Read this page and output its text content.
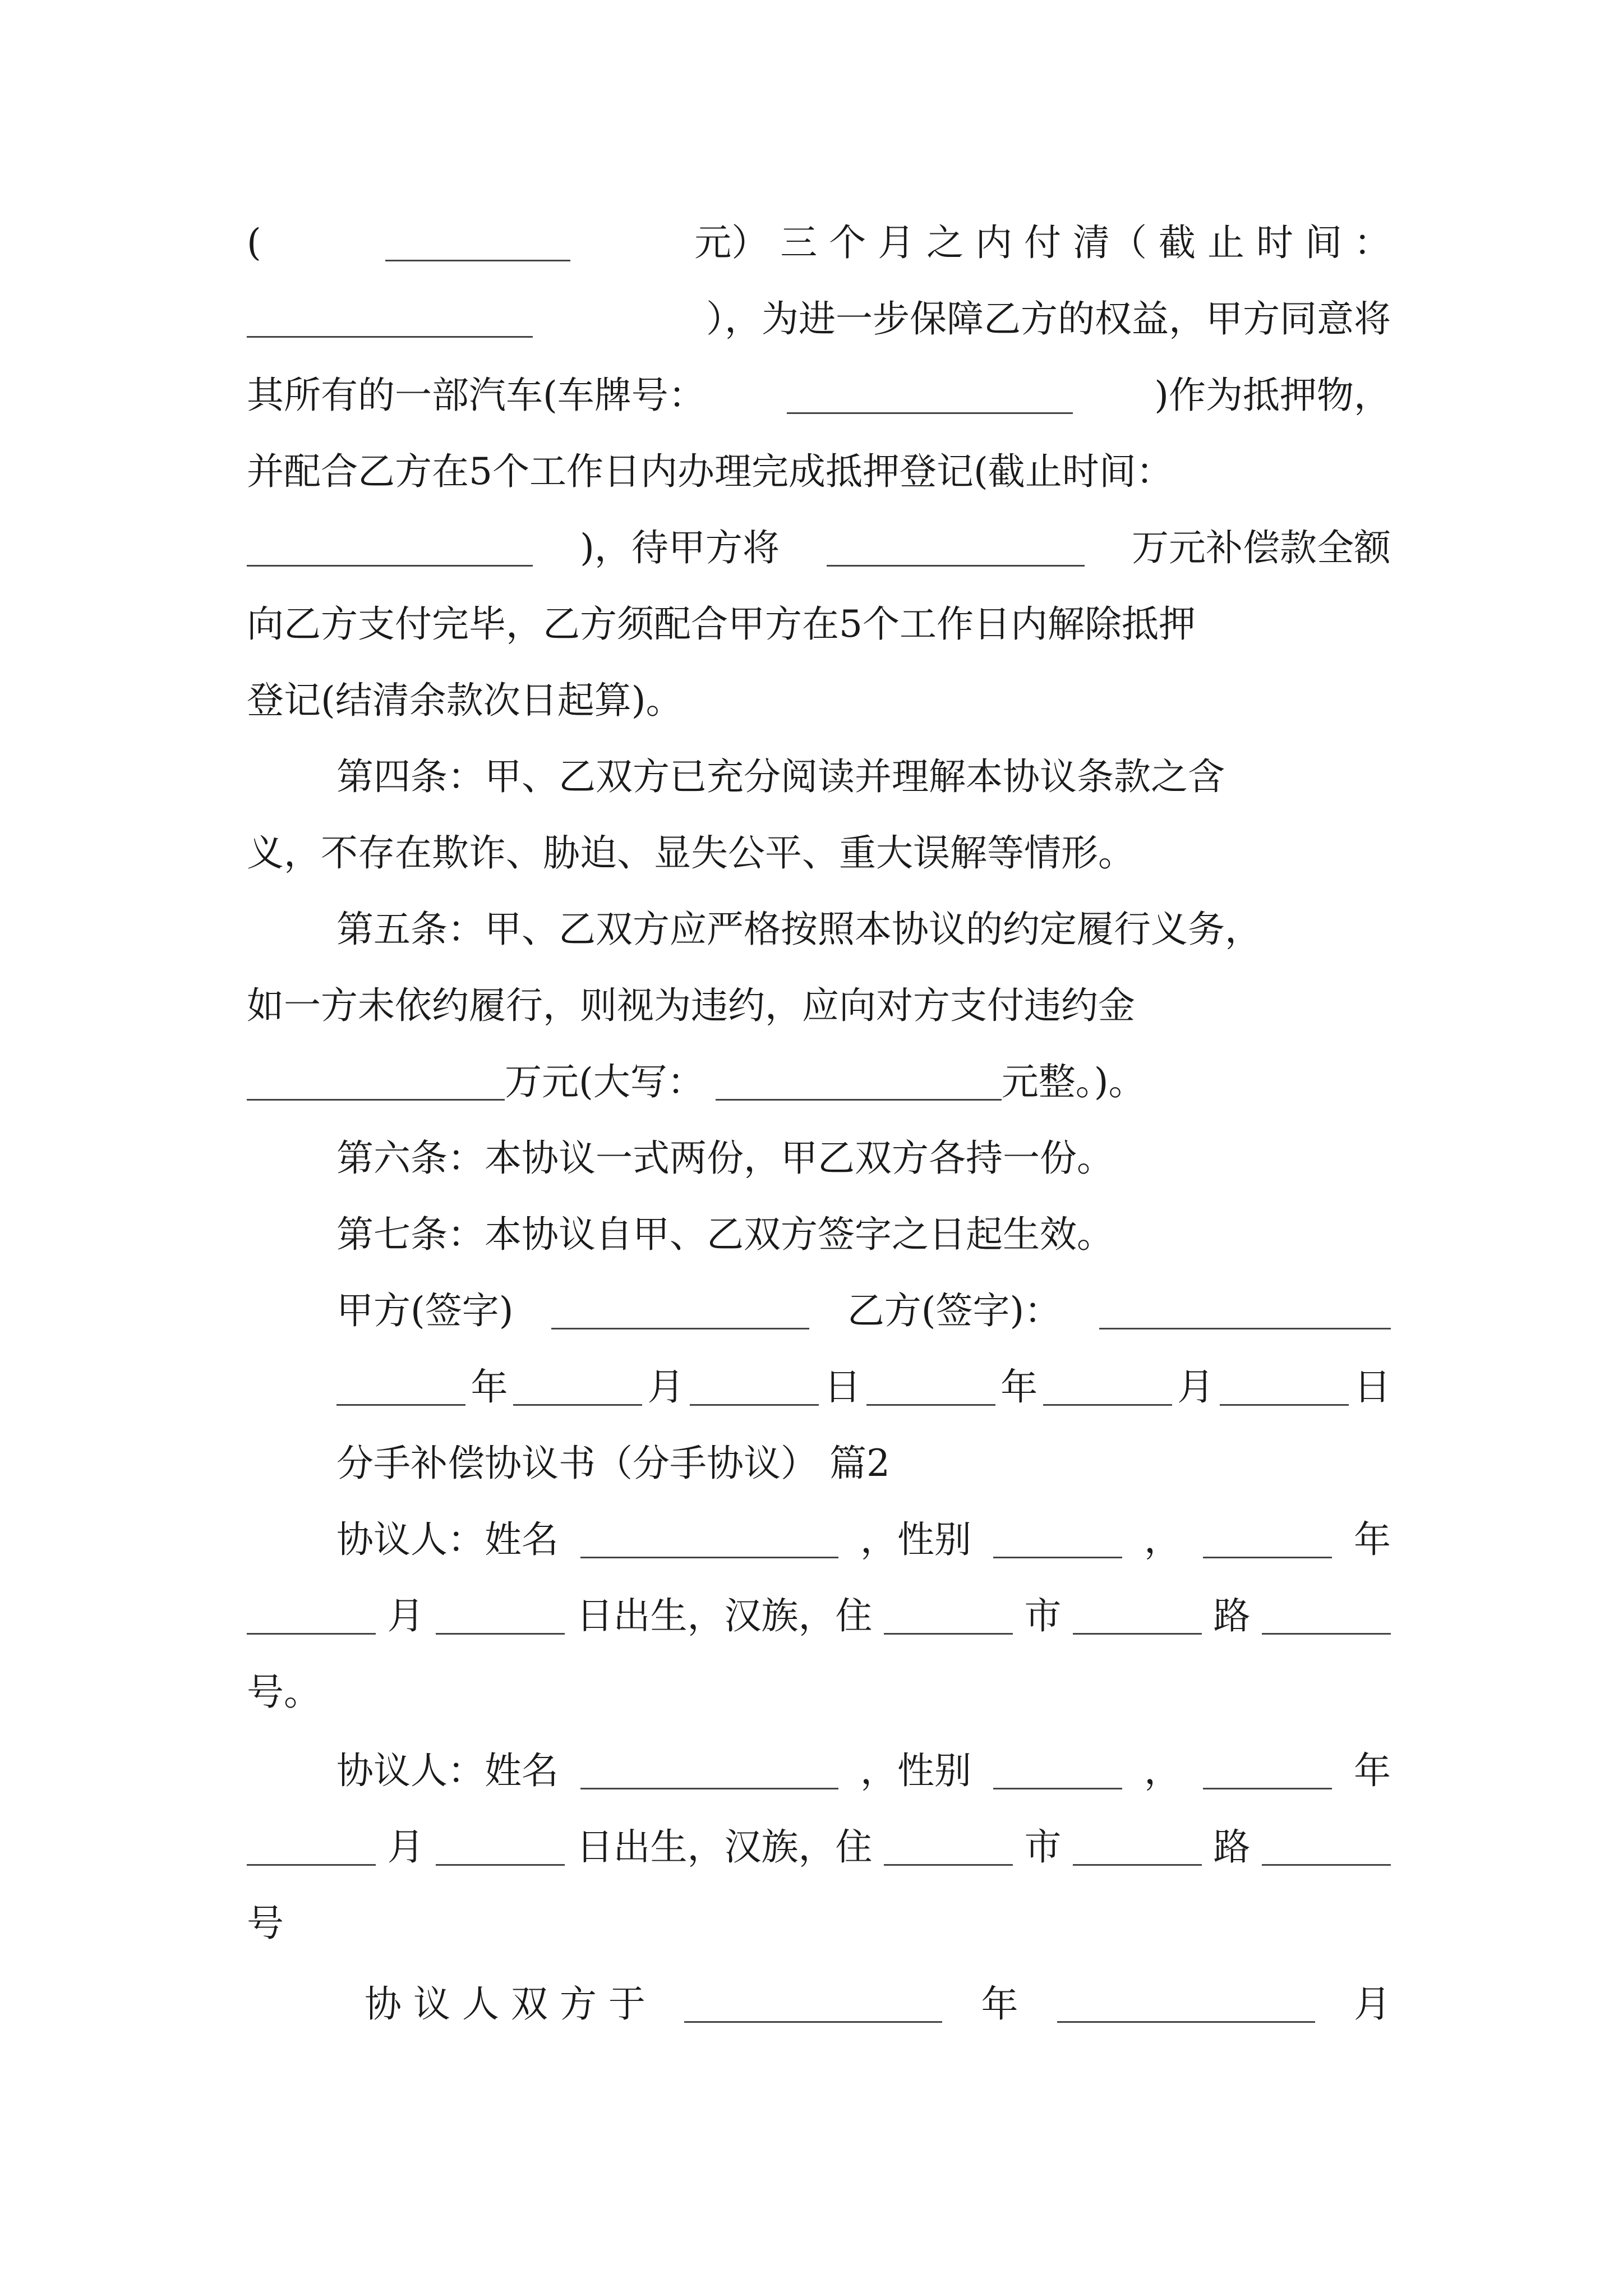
(	元） 三 个 月 之 内 付 清（ 截 止 时 间 ：
），为进一步保障乙方的权益，甲方同意将
其所有的一部汽车(车牌号：	)作为抵押物，
并配合乙方在5个工作日内办理完成抵押登记(截止时间：
)，待甲方将	万元补偿款全额
向乙方支付完毕，乙方须配合甲方在5个工作日内解除抵押
登记(结清余款次日起算)。
第四条：甲、乙双方已充分阅读并理解本协议条款之含
义，不存在欺诈、胁迫、显失公平、重大误解等情形。
第五条：甲、乙双方应严格按照本协议的约定履行义务，
如一方未依约履行，则视为违约，应向对方支付违约金
万元(大写：	元整。)。
第六条：本协议一式两份，甲乙双方各持一份。
第七条：本协议自甲、乙双方签字之日起生效。
甲方(签字)	乙方(签字)：
年	月	日	年	月	日
分手补偿协议书（分手协议） 篇2
协议人：姓名	，性别	，	年
月	日出生，汉族，住	市	路
号。
协议人：姓名	，性别	，	年
月	日出生，汉族，住	市	路
号
协 议 人 双 方 于	年	月
